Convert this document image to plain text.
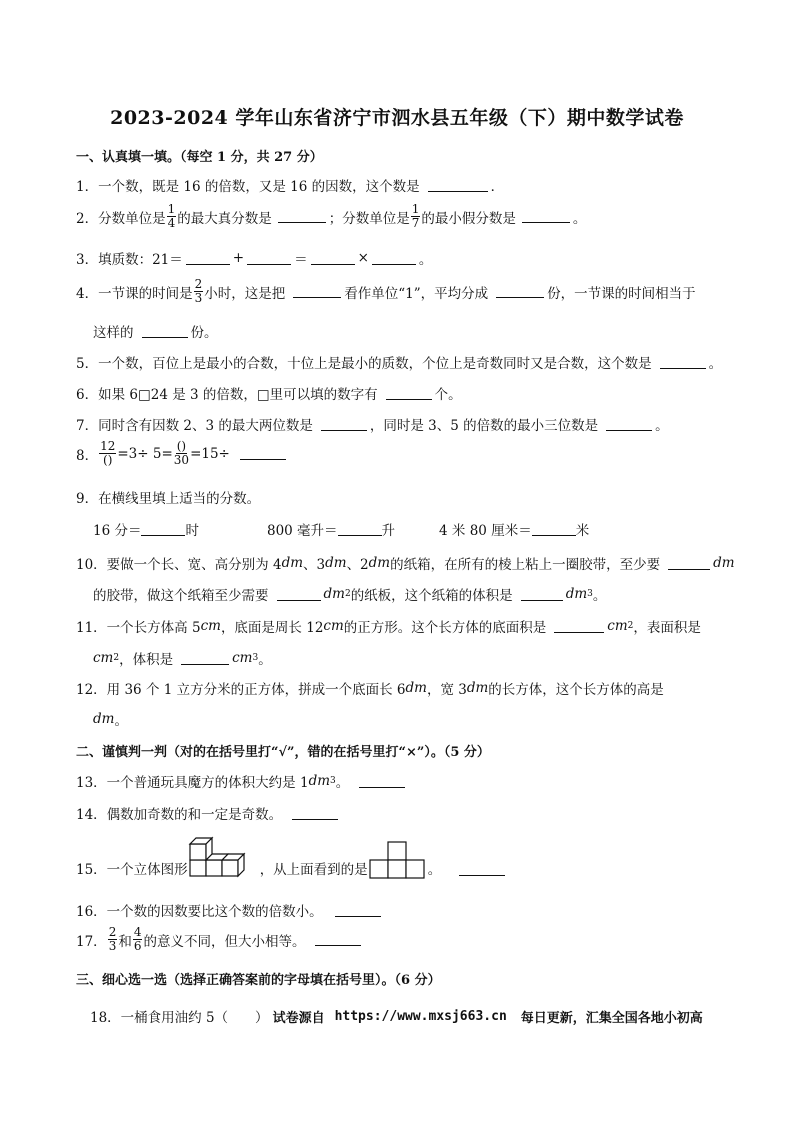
2023-2024 学年山东省济宁市泗水县五年级（下）期中数学试卷
一、认真填一填。（每空 1 分，共 27 分）
1．一个数，既是 16 的倍数，又是 16 的因数，这个数是	．
2．分数单位是 $\frac{1}{4}$ 的最大真分数是	；分数单位是 $\frac{1}{7}$ 的最小假分数是	。
3．填质数：21＝	+	＝	×	。
4．一节课的时间是 $\frac{2}{3}$ 小时，这是把	看作单位“1”，平均分成	份，一节课的时间相当于
这样的	份。
5．一个数，百位上是最小的合数，十位上是最小的质数，个位上是奇数同时又是合数，这个数是	。
6．如果 6□24 是 3 的倍数，□里可以填的数字有	个。
7．同时含有因数 2、3 的最大两位数是	，同时是 3、5 的倍数的最小三位数是	。
8． $\frac{12}{()} =3\div 5= \frac{()}{30} =15\div$
9．在横线里填上适当的分数。
16 分＝	时	800 毫升＝	升	4 米 80 厘米＝	米
10．要做一个长、宽、高分别为 4 dm 、3 dm 、2 dm 的纸箱，在所有的棱上粘上一圈胶带，至少要	dm
的胶带，做这个纸箱至少需要	dm 2 的纸板，这个纸箱的体积是	dm 3 。
11．一个长方体高 5 cm ，底面是周长 12 cm 的正方形。这个长方体的底面积是	cm 2 ，表面积是
cm 2 ，体积是	cm 3 。
12．用 36 个 1 立方分米的正方体，拼成一个底面长 6 dm ，宽 3 dm 的长方体，这个长方体的高是
dm 。
二、谨慎判一判（对的在括号里打“√”，错的在括号里打“×”）。（5 分）
13．一个普通玩具魔方的体积大约是 1 dm 3 。
14．偶数加奇数的和一定是奇数。
15．一个立体图形	，从上面看到的是	。
16．一个数的因数要比这个数的倍数小。
17． $\frac{2}{3}$ 和 $\frac{4}{6}$ 的意义不同，但大小相等。
三、细心选一选（选择正确答案前的字母填在括号里）。（6 分）
18．一桶食用油约 5（　　） 试卷源自 https://www.mxsj663.cn 每日更新，汇集全国各地小初高
